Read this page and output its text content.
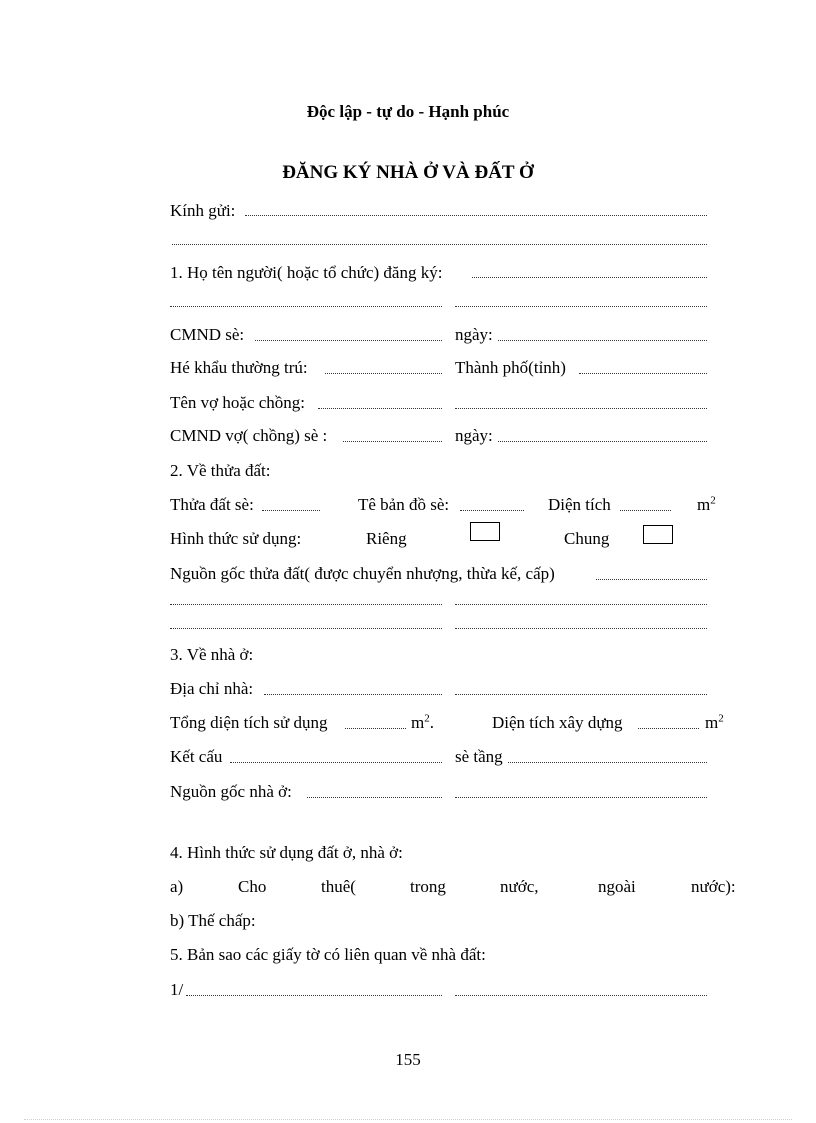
Độc lập - tự do - Hạnh phúc
ĐĂNG KÝ NHÀ Ở VÀ ĐẤT Ở
Kính gửi:
1. Họ tên người( hoặc tổ chức) đăng ký:
CMND sè:	ngày:
Hé khẩu thường trú:	Thành phố(tỉnh)
Tên vợ hoặc chồng:
CMND vợ( chồng) sè :	ngày:
2. Về thửa đất:
Thửa đất sè:	Tê bản đồ sè:	Diện tích	$m^2$
Hình thức sử dụng:	Riêng	Chung
Nguồn gốc thửa đất( được chuyển nhượng, thừa kế, cấp)
3. Về nhà ở:
Địa chỉ nhà:
Tổng diện tích sử dụng	$m^2$.	Diện tích xây dựng	$m^2$
Kết cấu	sè tầng
Nguồn gốc nhà ở:
4. Hình thức sử dụng đất ở, nhà ở:
a)	Cho	thuê(	trong	nước,	ngoài	nước):
b) Thế chấp:
5. Bản sao các giấy tờ có liên quan về nhà đất:
1/
155
